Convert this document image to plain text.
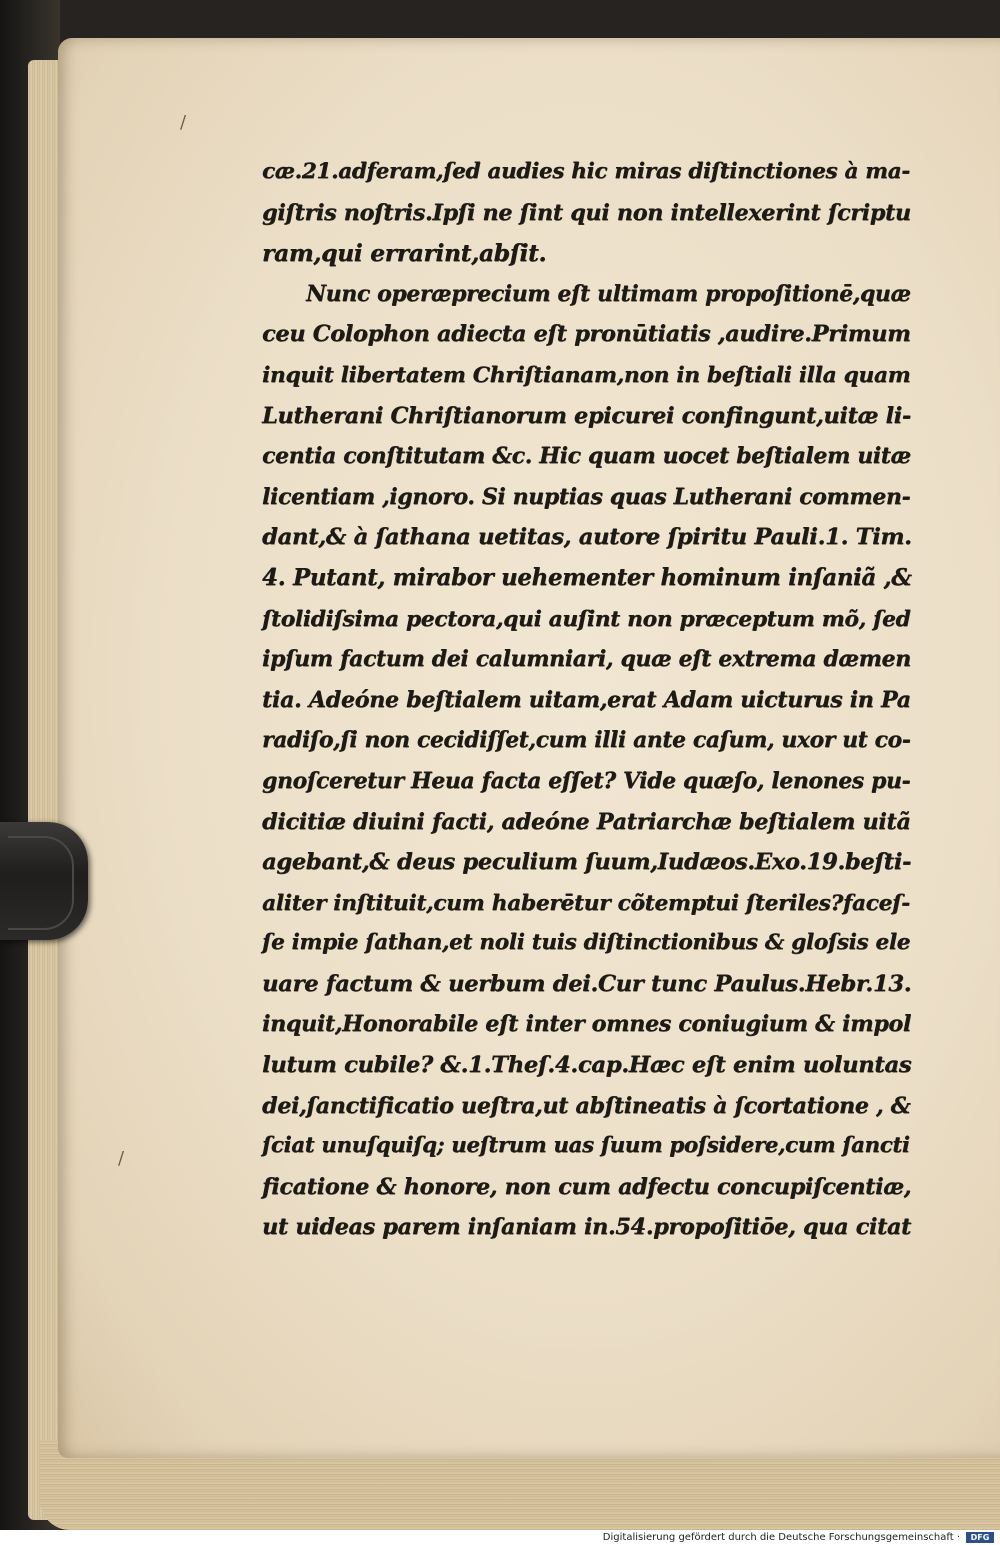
/
/
cæ.21.adferam,ſed audies hic miras diſtinctiones à ma-
giſtris noſtris.Ipſi ne ſint qui non intellexerint ſcriptu
ram,qui errarint,abſit.
Nunc operæprecium eſt ultimam propoſitionē,quæ
ceu Colophon adiecta eſt pronūtiatis ,audire.Primum
inquit libertatem Chriſtianam,non in beſtiali illa quam
Lutherani Chriſtianorum epicurei confingunt,uitæ li-
centia conſtitutam &c. Hic quam uocet beſtialem uitæ
licentiam ,ignoro. Si nuptias quas Lutherani commen-
dant,& à ſathana uetitas, autore ſpiritu Pauli.1. Tim.
4. Putant, mirabor uehementer hominum inſaniã ,&
ſtolidiſsima pectora,qui auſint non præceptum mõ, ſed
ipſum factum dei calumniari, quæ eſt extrema dæmen
tia. Adeóne beſtialem uitam,erat Adam uicturus in Pa
radiſo,ſi non cecidiſſet,cum illi ante caſum, uxor ut co-
gnoſceretur Heua facta eſſet? Vide quæſo, lenones pu-
dicitiæ diuini facti, adeóne Patriarchæ beſtialem uitã
agebant,& deus peculium ſuum,Iudæos.Exo.19.beſti-
aliter inſtituit,cum haberētur cõtemptui ſteriles?faceſ-
ſe impie ſathan,et noli tuis diſtinctionibus & gloſsis ele
uare factum & uerbum dei.Cur tunc Paulus.Hebr.13.
inquit,Honorabile eſt inter omnes coniugium & impol
lutum cubile? &.1.Theſ.4.cap.Hæc eſt enim uoluntas
dei,ſanctificatio ueſtra,ut abſtineatis à ſcortatione , &
ſciat unuſquiſq; ueſtrum uas ſuum poſsidere,cum ſancti
ficatione & honore, non cum adfectu concupiſcentiæ,
ut uideas parem inſaniam in.54.propoſitiōe, qua citat
Digitalisierung gefördert durch die Deutsche Forschungsgemeinschaft ·	DFG
